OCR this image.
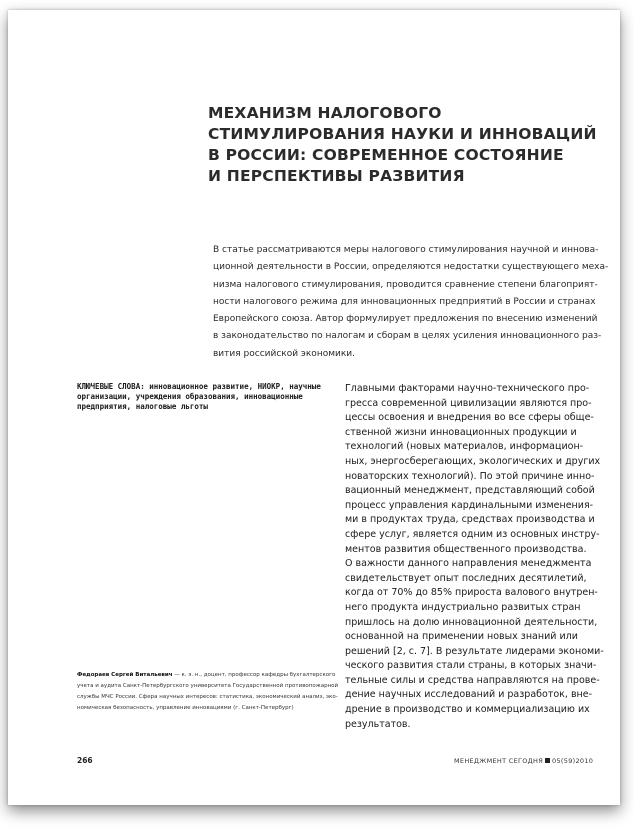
МЕХАНИЗМ НАЛОГОВОГО
СТИМУЛИРОВАНИЯ НАУКИ И ИННОВАЦИЙ
В РОССИИ: СОВРЕМЕННОЕ СОСТОЯНИЕ
И ПЕРСПЕКТИВЫ РАЗВИТИЯ

В статье рассматриваются меры налогового стимулирования научной и иннова-
ционной деятельности в России, определяются недостатки существующего меха-
низма налогового стимулирования, проводится сравнение степени благоприят-
ности налогового режима для инновационных предприятий в России и странах
Европейского союза. Автор формулирует предложения по внесению изменений
в законодательство по налогам и сборам в целях усиления инновационного раз-
вития российской экономики.

КЛЮЧЕВЫЕ СЛОВА: инновационное развитие, НИОКР, научные
организации, учреждения образования, инновационные
предприятия, налоговые льготы

Федораев Сергей Витальевич — к. э. н., доцент, профессор кафедры бухгалтерского
учета и аудита Санкт-Петербургского университета Государственной противопожарной
службы МЧС России. Сфера научных интересов: статистика, экономический анализ, эко-
номическая безопасность, управление инновациями (г. Санкт-Петербург)

Главными факторами научно-технического про-
гресса современной цивилизации являются про-
цессы освоения и внедрения во все сферы обще-
ственной жизни инновационных продукции и
технологий (новых материалов, информацион-
ных, энергосберегающих, экологических и других
новаторских технологий). По этой причине инно-
вационный менеджмент, представляющий собой
процесс управления кардинальными изменения-
ми в продуктах труда, средствах производства и
сфере услуг, является одним из основных инстру-
ментов развития общественного производства.
О важности данного направления менеджмента
свидетельствует опыт последних десятилетий,
когда от 70% до 85% прироста валового внутрен-
него продукта индустриально развитых стран
пришлось на долю инновационной деятельности,
основанной на применении новых знаний или
решений [2, с. 7]. В результате лидерами экономи-
ческого развития стали страны, в которых значи-
тельные силы и средства направляются на прове-
дение научных исследований и разработок, вне-
дрение в производство и коммерциализацию их
результатов.

266	МЕНЕДЖМЕНТ СЕГОДНЯ 05(59)2010
